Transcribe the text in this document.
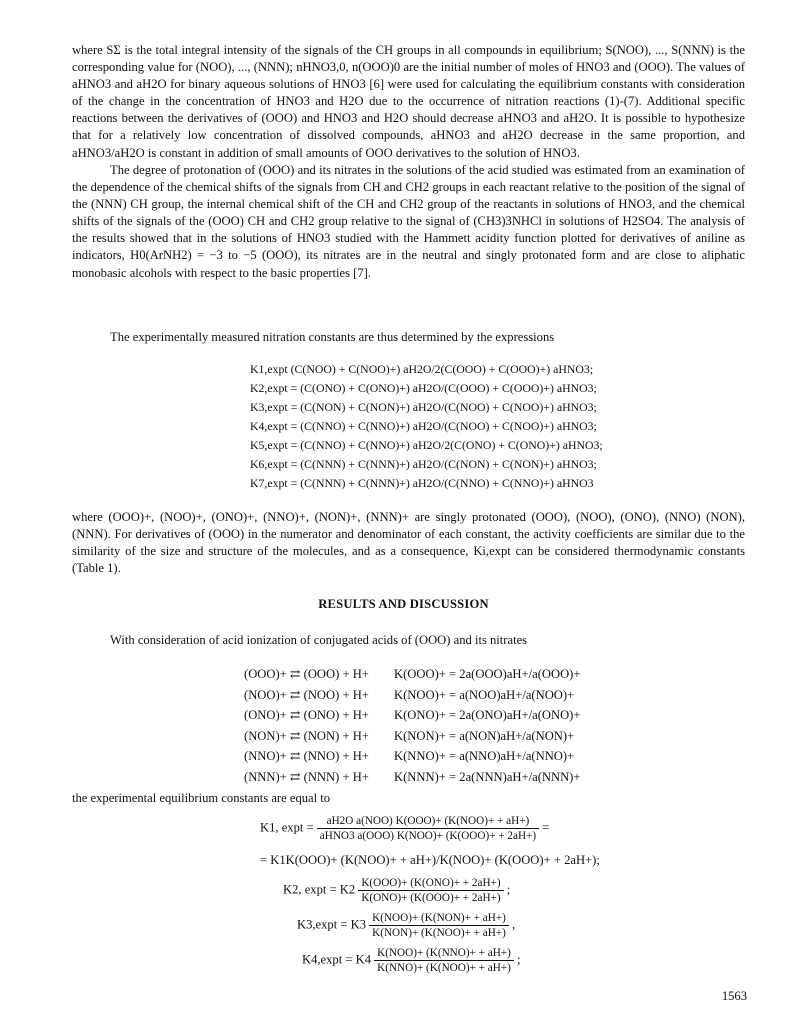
where SΣ is the total integral intensity of the signals of the CH groups in all compounds in equilibrium; S(NOO), ..., S(NNN) is the corresponding value for (NOO), ..., (NNN); nHNO3,0, n(OOO)0 are the initial number of moles of HNO3 and (OOO). The values of aHNO3 and aH2O for binary aqueous solutions of HNO3 [6] were used for calculating the equilibrium constants with consideration of the change in the concentration of HNO3 and H2O due to the occurrence of nitration reactions (1)-(7). Additional specific reactions between the derivatives of (OOO) and HNO3 and H2O should decrease aHNO3 and aH2O. It is possible to hypothesize that for a relatively low concentration of dissolved compounds, aHNO3 and aH2O decrease in the same proportion, and aHNO3/aH2O is constant in addition of small amounts of OOO derivatives to the solution of HNO3.

The degree of protonation of (OOO) and its nitrates in the solutions of the acid studied was estimated from an examination of the dependence of the chemical shifts of the signals from CH and CH2 groups in each reactant relative to the position of the signal of the (NNN) CH group, the internal chemical shift of the CH and CH2 group of the reactants in solutions of HNO3, and the chemical shifts of the signals of the (OOO) CH and CH2 group relative to the signal of (CH3)3NHCl in solutions of H2SO4. The analysis of the results showed that in the solutions of HNO3 studied with the Hammett acidity function plotted for derivatives of aniline as indicators, H0(ArNH2) = −3 to −5 (OOO), its nitrates are in the neutral and singly protonated form and are close to aliphatic monobasic alcohols with respect to the basic properties [7].

The experimentally measured nitration constants are thus determined by the expressions

K1,expt (C(NOO) + C(NOO)+) aH2O/2(C(OOO) + C(OOO)+) aHNO3;
K2,expt = (C(ONO) + C(ONO)+) aH2O/(C(OOO) + C(OOO)+) aHNO3;
K3,expt = (C(NON) + C(NON)+) aH2O/(C(NOO) + C(NOO)+) aHNO3;
K4,expt = (C(NNO) + C(NNO)+) aH2O/(C(NOO) + C(NOO)+) aHNO3;
K5,expt = (C(NNO) + C(NNO)+) aH2O/2(C(ONO) + C(ONO)+) aHNO3;
K6,expt = (C(NNN) + C(NNN)+) aH2O/(C(NON) + C(NON)+) aHNO3;
K7,expt = (C(NNN) + C(NNN)+) aH2O/(C(NNO) + C(NNO)+) aHNO3

where (OOO)+, (NOO)+, (ONO)+, (NNO)+, (NON)+, (NNN)+ are singly protonated (OOO), (NOO), (ONO), (NNO) (NON), (NNN). For derivatives of (OOO) in the numerator and denominator of each constant, the activity coefficients are similar due to the similarity of the size and structure of the molecules, and as a consequence, Ki,expt can be considered thermodynamic constants (Table 1).

RESULTS AND DISCUSSION

With consideration of acid ionization of conjugated acids of (OOO) and its nitrates

(OOO)+ ⇄ (OOO) + H+	K(OOO)+ = 2a(OOO)aH+/a(OOO)+
(NOO)+ ⇄ (NOO) + H+	K(NOO)+ = a(NOO)aH+/a(NOO)+
(ONO)+ ⇄ (ONO) + H+	K(ONO)+ = 2a(ONO)aH+/a(ONO)+
(NON)+ ⇄ (NON) + H+	K(NON)+ = a(NON)aH+/a(NON)+
(NNO)+ ⇄ (NNO) + H+	K(NNO)+ = a(NNO)aH+/a(NNO)+
(NNN)+ ⇄ (NNN) + H+	K(NNN)+ = 2a(NNN)aH+/a(NNN)+

the experimental equilibrium constants are equal to

K1, $\exp t = \frac{\text{aH2O a(NOO) K(OOO)+ (K(NOO)+ + aH+)}}{\text{aHNO3 a(OOO) K(NOO)+ (K(OOO)+ + 2aH+)}}$ =
= K1K(OOO)+ (K(NOO)+ + aH+)/K(NOO)+ (K(OOO)+ + 2aH+);
K2, $\exp t = K2 \frac{\text{K(OOO)+ (K(ONO)+ + 2aH+)}}{\text{K(ONO)+ (K(OOO)+ + 2aH+)}}$ ;
$K3,\exp t = K3 \frac{\text{K(NOO)+ (K(NON)+ + aH+)}}{\text{K(NON)+ (K(NOO)+ + aH+)}}$ ,
$K4,\exp t = K4 \frac{\text{K(NOO)+ (K(NNO)+ + aH+)}}{\text{K(NNO)+ (K(NOO)+ + aH+)}}$ ;
1563
